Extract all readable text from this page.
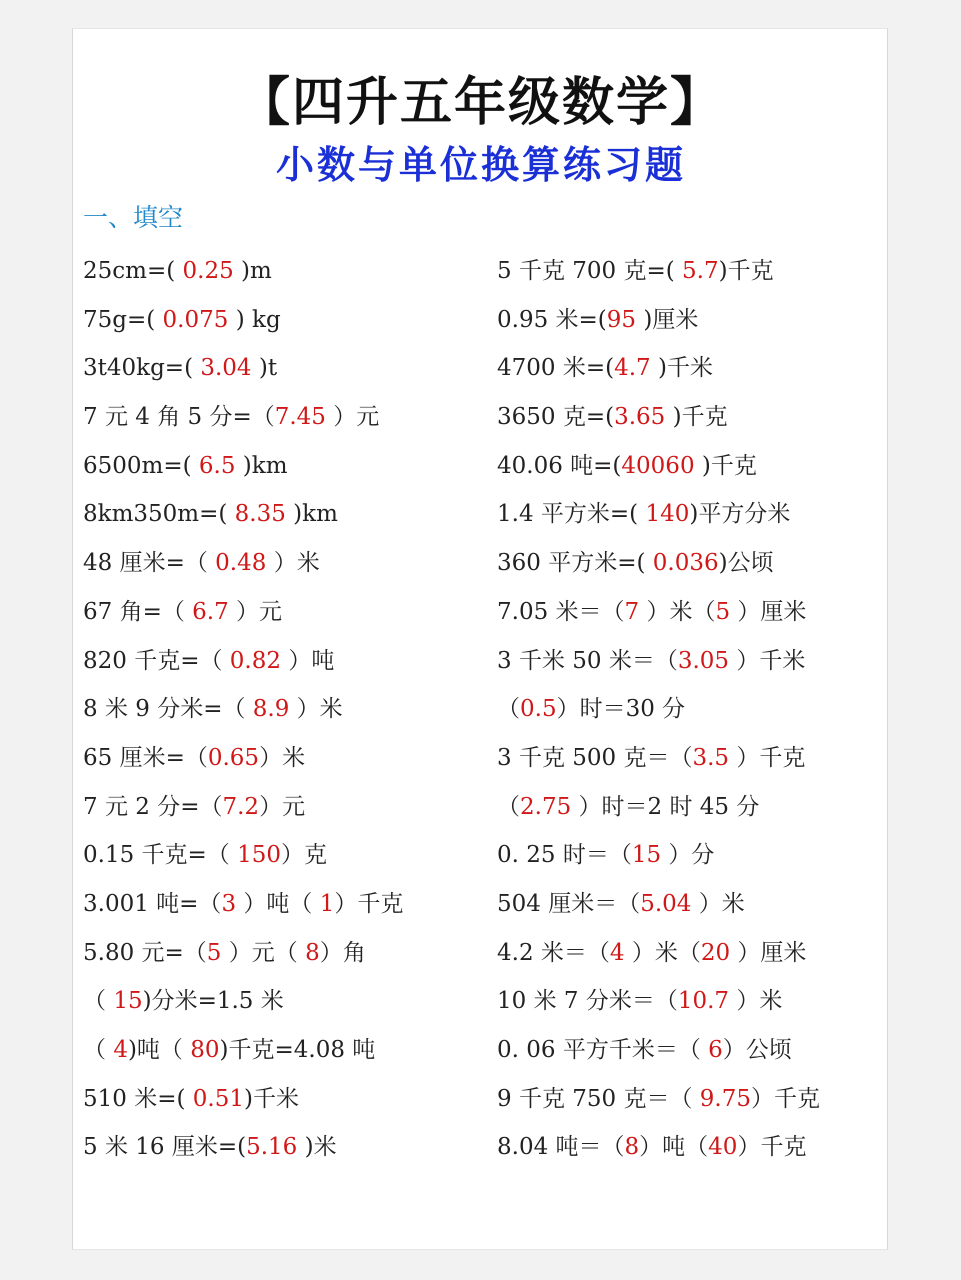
【四升五年级数学】
小数与单位换算练习题
一、填空
25cm=( 0.25 )m
75g=( 0.075 ) kg
3t40kg=( 3.04 )t
7 元 4 角 5 分=（7.45 ）元
6500m=( 6.5 )km
8km350m=( 8.35 )km
48 厘米=（ 0.48 ）米
67 角=（ 6.7 ）元
820 千克=（ 0.82 ）吨
8 米 9 分米=（ 8.9 ）米
65 厘米=（0.65）米
7 元 2 分=（7.2）元
0.15 千克=（ 150）克
3.001 吨=（3 ）吨（ 1）千克
5.80 元=（5 ）元（ 8）角
（ 15)分米=1.5 米
（ 4)吨（ 80)千克=4.08 吨
510 米=( 0.51)千米
5 米 16 厘米=(5.16 )米
5 千克 700 克=( 5.7)千克
0.95 米=(95 )厘米
4700 米=(4.7 )千米
3650 克=(3.65 )千克
40.06 吨=(40060 )千克
1.4 平方米=( 140)平方分米
360 平方米=( 0.036)公顷
7.05 米＝（7 ）米（5 ）厘米
3 千米 50 米＝（3.05 ）千米
（0.5）时＝30 分
3 千克 500 克＝（3.5 ）千克
（2.75 ）时＝2 时 45 分
0. 25 时＝（15 ）分
504 厘米＝（5.04 ）米
4.2 米＝（4 ）米（20 ）厘米
10 米 7 分米＝（10.7 ）米
0. 06 平方千米＝（ 6）公顷
9 千克 750 克＝（ 9.75）千克
8.04 吨＝（8）吨（40）千克
